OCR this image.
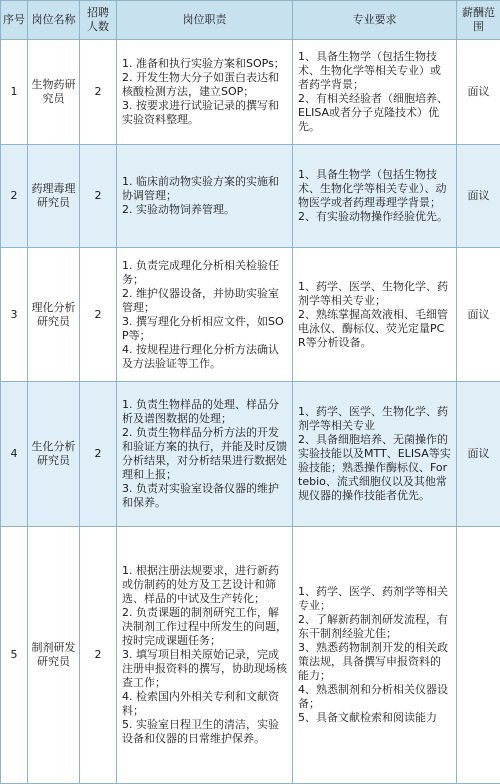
序号	岗位名称	招聘人数	岗位职责	专业要求	薪酬范围
1	生物药研究员	2	1. 准备和执行实验方案和SOPs；
2. 开发生物大分子如蛋白表达和核酸检测方法，建立SOP；
3. 按要求进行试验记录的撰写和实验资料整理。	1、具备生物学（包括生物技术、生物化学等相关专业）或者药学背景；
2、有相关经验者（细胞培养、ELISA或者分子克隆技术）优先。	面议
2	药理毒理研究员	2	1. 临床前动物实验方案的实施和协调管理；
2. 实验动物饲养管理。	1、具备生物学（包括生物技术、生物化学等相关专业）、动物医学或者药理毒理学背景；
2、有实验动物操作经验优先。	面议
3	理化分析研究员	2	1. 负责完成理化分析相关检验任务；
2. 维护仪器设备，并协助实验室管理；
3. 撰写理化分析相应文件，如SOP等；
4. 按规程进行理化分析方法确认及方法验证等工作。	1、药学、医学、生物化学、药剂学等相关专业；
2、熟练掌握高效液相、毛细管电泳仪、酶标仪、荧光定量PCR等分析设备。	面议
4	生化分析研究员	2	1. 负责生物样品的处理、样品分析及谱图数据的处理；
2. 负责生物样品分析方法的开发和验证方案的执行，并能及时反馈分析结果，对分析结果进行数据处理和上报；
3. 负责对实验室设备仪器的维护和保养。	1、药学、医学、生物化学、药剂学等相关专业
2、具备细胞培养、无菌操作的实验技能以及MTT、ELISA等实验技能；熟悉操作酶标仪、Fortebio、流式细胞仪以及其他常规仪器的操作技能者优先。	面议
5	制剂研发研究员	2	1. 根据注册法规要求，进行新药或仿制药的处方及工艺设计和筛选、样品的中试及生产转化；
2. 负责课题的制剂研究工作，解决制剂工作过程中所发生的问题，按时完成课题任务；
3. 填写项目相关原始记录，完成注册申报资料的撰写，协助现场核查工作；
4. 检索国内外相关专利和文献资料；
5. 实验室日程卫生的清洁，实验设备和仪器的日常维护保养。	1、药学、医学、药剂学等相关专业；
2、了解新药制剂研发流程，有东干制剂经验尤佳；
3、熟悉药物制剂开发的相关政策法规，具备撰写申报资料的能力；
4、熟悉制剂和分析相关仪器设备；
5、具备文献检索和阅读能力	
